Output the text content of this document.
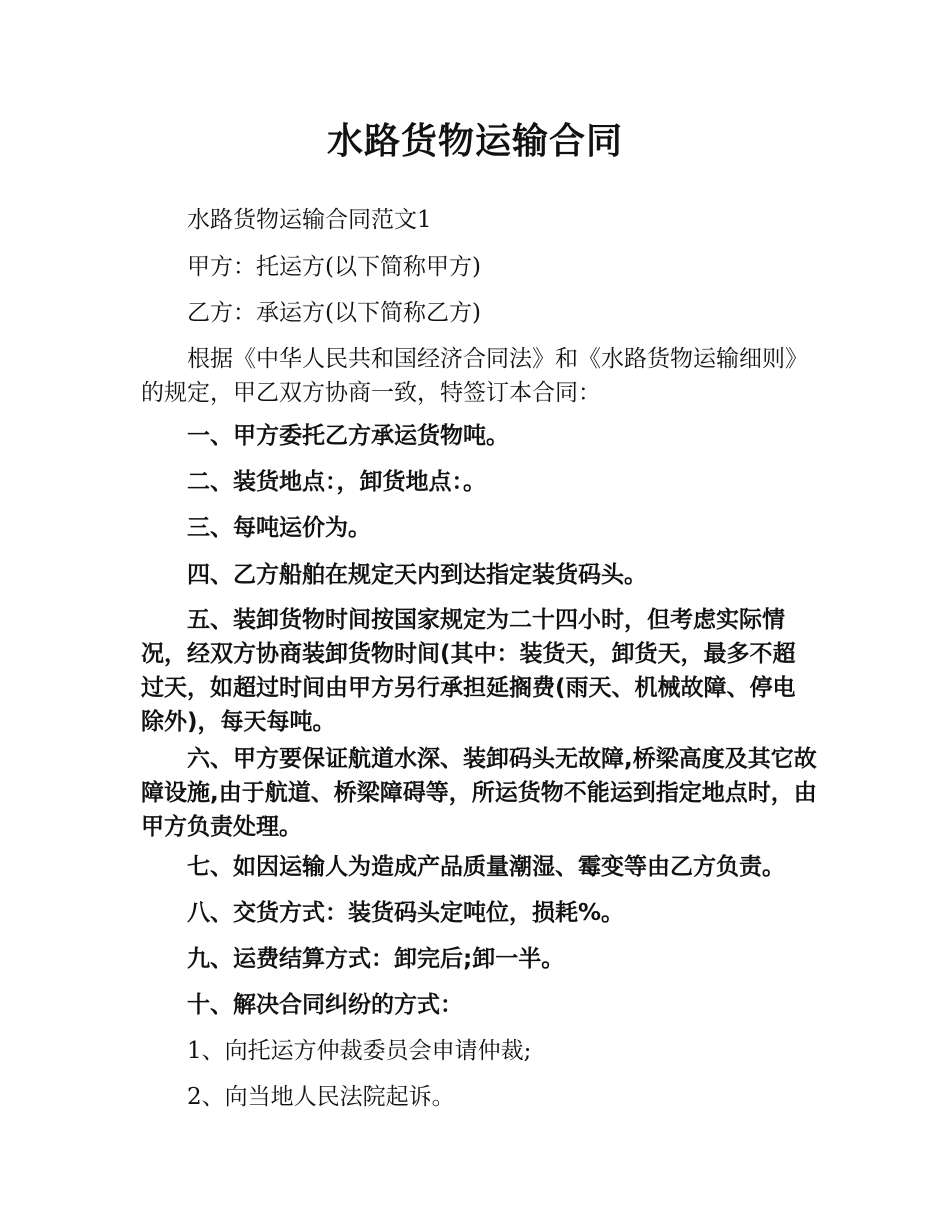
水路货物运输合同

水路货物运输合同范文1

甲方：托运方(以下简称甲方)

乙方：承运方(以下简称乙方)

根据《中华人民共和国经济合同法》和《水路货物运输细则》的规定，甲乙双方协商一致，特签订本合同：

一、甲方委托乙方承运货物吨。

二、装货地点：，卸货地点：。

三、每吨运价为。

四、乙方船舶在规定天内到达指定装货码头。

五、装卸货物时间按国家规定为二十四小时，但考虑实际情况，经双方协商装卸货物时间(其中：装货天，卸货天，最多不超过天，如超过时间由甲方另行承担延搁费(雨天、机械故障、停电除外)，每天每吨。

六、甲方要保证航道水深、装卸码头无故障,桥梁高度及其它故障设施,由于航道、桥梁障碍等，所运货物不能运到指定地点时，由甲方负责处理。

七、如因运输人为造成产品质量潮湿、霉变等由乙方负责。

八、交货方式：装货码头定吨位，损耗%。

九、运费结算方式：卸完后;卸一半。

十、解决合同纠纷的方式：

1、向托运方仲裁委员会申请仲裁;

2、向当地人民法院起诉。
